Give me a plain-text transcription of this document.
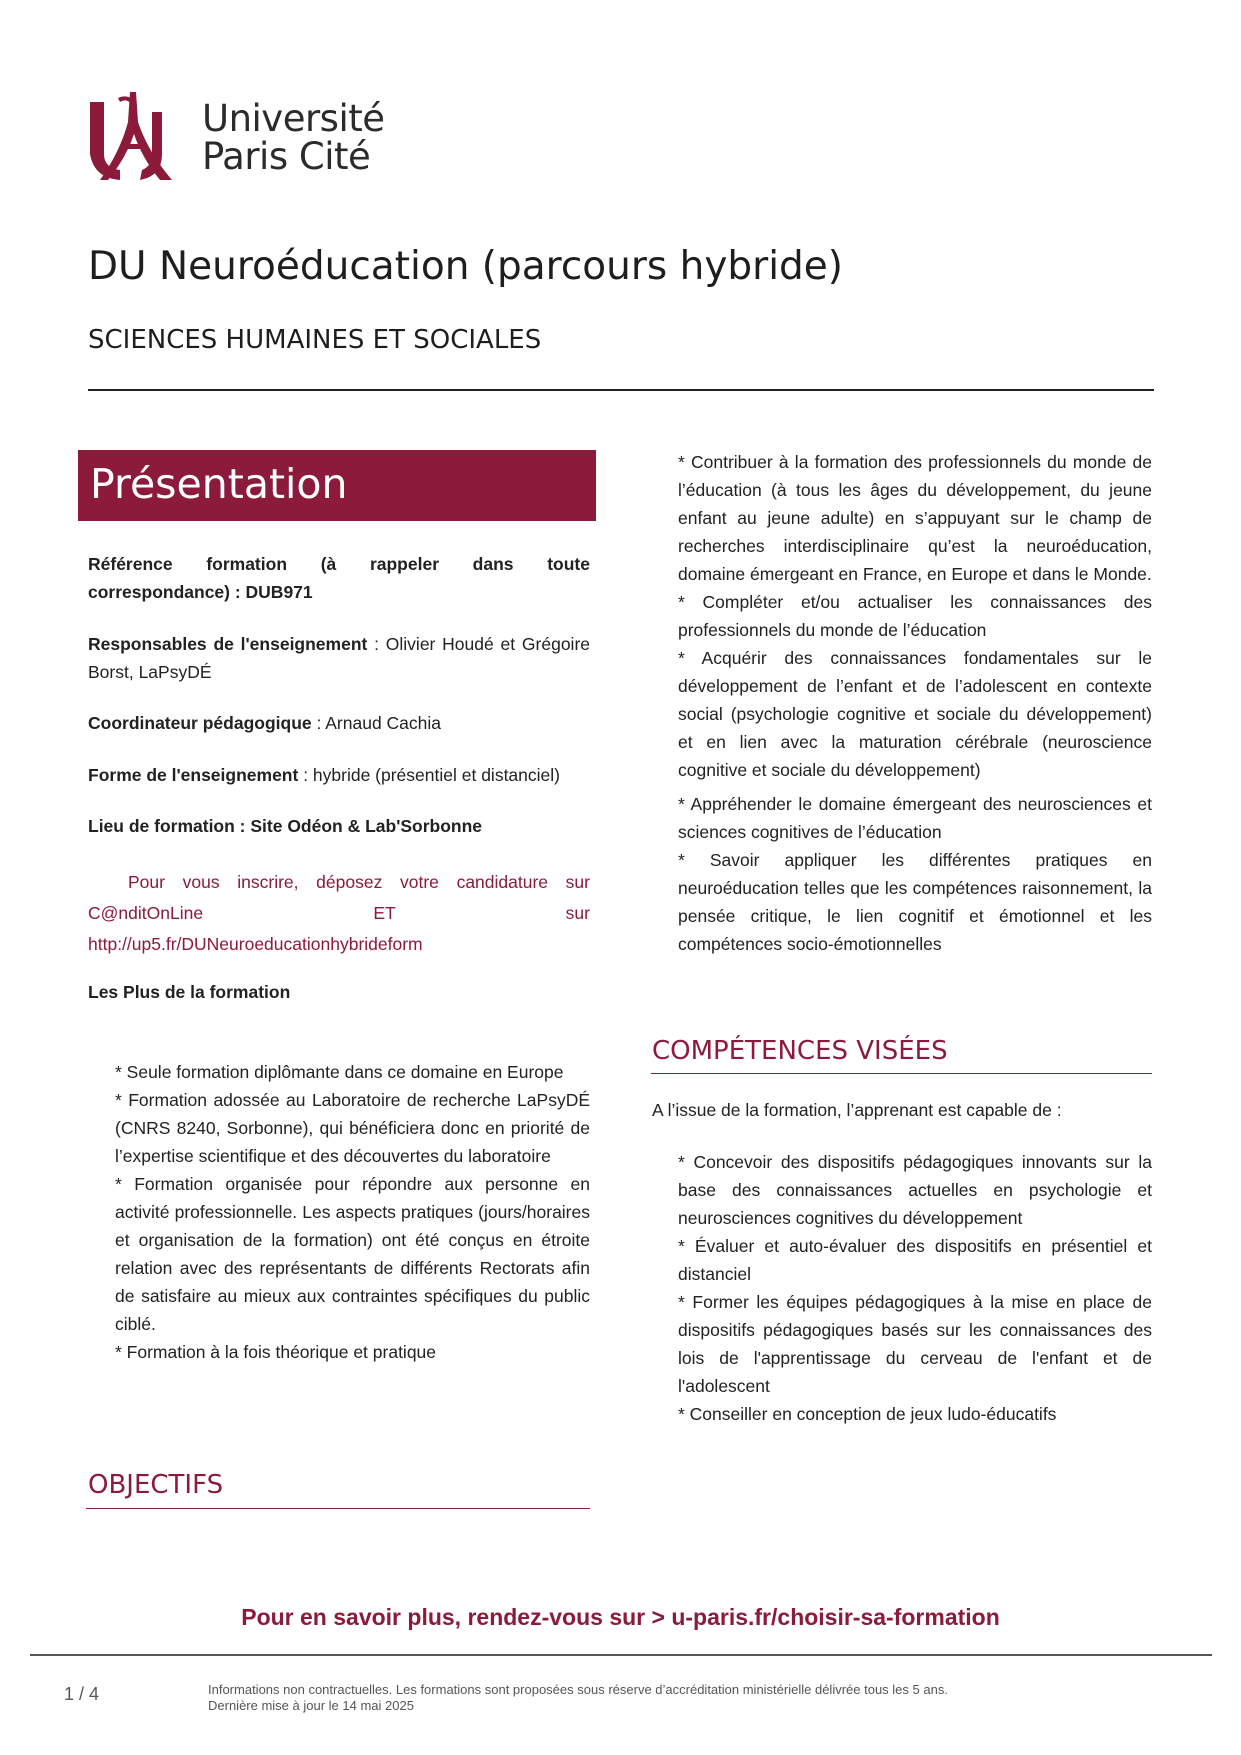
Université
Paris Cité
DU Neuroéducation (parcours hybride)
SCIENCES HUMAINES ET SOCIALES
Présentation
Référence formation (à rappeler dans toute correspondance) : DUB971
Responsables de l'enseignement : Olivier Houdé et Grégoire Borst, LaPsyDÉ
Coordinateur pédagogique : Arnaud Cachia
Forme de l'enseignement : hybride (présentiel et distanciel)
Lieu de formation : Site Odéon & Lab'Sorbonne
Pour vous inscrire, déposez votre candidature sur C@nditOnLine ET sur http://up5.fr/DUNeuroeducationhybrideform
Les Plus de la formation

* Seule formation diplômante dans ce domaine en Europe

* Formation adossée au Laboratoire de recherche LaPsyDÉ (CNRS 8240, Sorbonne), qui bénéficiera donc en priorité de l’expertise scientifique et des découvertes du laboratoire

* Formation organisée pour répondre aux personne en activité professionnelle. Les aspects pratiques (jours/horaires et organisation de la formation) ont été conçus en étroite relation avec des représentants de différents Rectorats afin de satisfaire au mieux aux contraintes spécifiques du public ciblé.

* Formation à la fois théorique et pratique

OBJECTIFS

* Contribuer à la formation des professionnels du monde de l’éducation (à tous les âges du développement, du jeune enfant au jeune adulte) en s’appuyant sur le champ de recherches interdisciplinaire qu’est la neuroéducation, domaine émergeant en France, en Europe et dans le Monde.

* Compléter et/ou actualiser les connaissances des professionnels du monde de l’éducation

* Acquérir des connaissances fondamentales sur le développement de l’enfant et de l’adolescent en contexte social (psychologie cognitive et sociale du développement) et en lien avec la maturation cérébrale (neuroscience cognitive et sociale du développement)

* Appréhender le domaine émergeant des neurosciences et sciences cognitives de l’éducation

* Savoir appliquer les différentes pratiques en neuroéducation telles que les compétences raisonnement, la pensée critique, le lien cognitif et émotionnel et les compétences socio-émotionnelles

COMPÉTENCES VISÉES
A l’issue de la formation, l’apprenant est capable de :

* Concevoir des dispositifs pédagogiques innovants sur la base des connaissances actuelles en psychologie et neurosciences cognitives du développement

* Évaluer et auto-évaluer des dispositifs en présentiel et distanciel

* Former les équipes pédagogiques à la mise en place de dispositifs pédagogiques basés sur les connaissances des lois de l'apprentissage du cerveau de l'enfant et de l'adolescent

* Conseiller en conception de jeux ludo-éducatifs

Pour en savoir plus, rendez-vous sur > u-paris.fr/choisir-sa-formation
1 / 4	Informations non contractuelles. Les formations sont proposées sous réserve d’accréditation ministérielle délivrée tous les 5 ans.
Dernière mise à jour le 14 mai 2025
